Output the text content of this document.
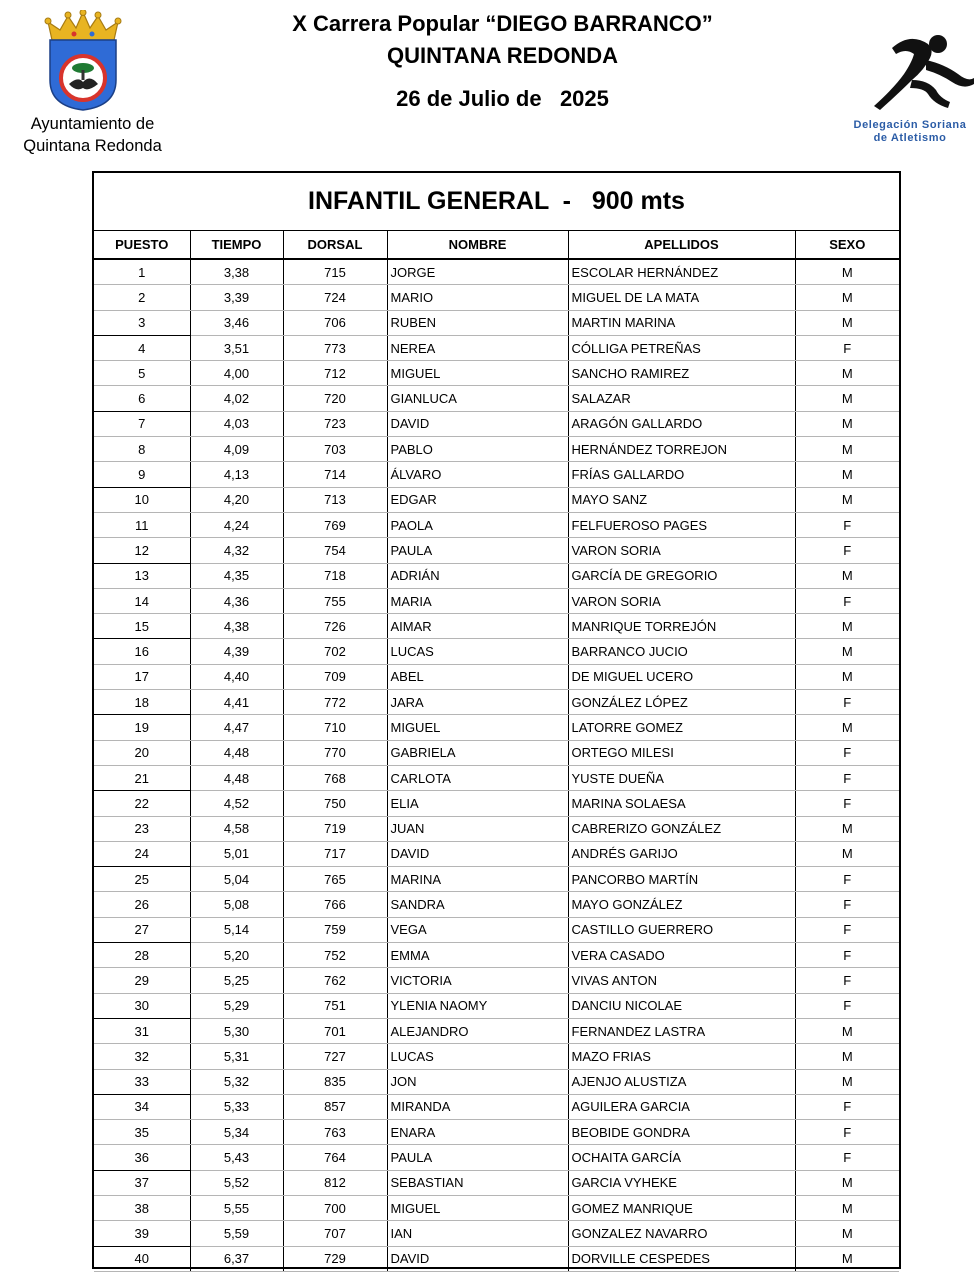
Ayuntamiento de
Quintana Redonda
X Carrera Popular “DIEGO BARRANCO”
QUINTANA REDONDA
26 de Julio de   2025
Delegación Soriana
de Atletismo
INFANTIL GENERAL  -   900 mts
PUESTO	TIEMPO	DORSAL	NOMBRE	APELLIDOS	SEXO
1	3,38	715	JORGE	ESCOLAR HERNÁNDEZ	M
2	3,39	724	MARIO	MIGUEL DE LA MATA	M
3	3,46	706	RUBEN	MARTIN MARINA	M
4	3,51	773	NEREA	CÓLLIGA PETREÑAS	F
5	4,00	712	MIGUEL	SANCHO RAMIREZ	M
6	4,02	720	GIANLUCA	SALAZAR	M
7	4,03	723	DAVID	ARAGÓN GALLARDO	M
8	4,09	703	PABLO	HERNÁNDEZ TORREJON	M
9	4,13	714	ÁLVARO	FRÍAS GALLARDO	M
10	4,20	713	EDGAR	MAYO SANZ	M
11	4,24	769	PAOLA	FELFUEROSO PAGES	F
12	4,32	754	PAULA	VARON SORIA	F
13	4,35	718	ADRIÁN	GARCÍA DE GREGORIO	M
14	4,36	755	MARIA	VARON SORIA	F
15	4,38	726	AIMAR	MANRIQUE TORREJÓN	M
16	4,39	702	LUCAS	BARRANCO JUCIO	M
17	4,40	709	ABEL	DE MIGUEL UCERO	M
18	4,41	772	JARA	GONZÁLEZ LÓPEZ	F
19	4,47	710	MIGUEL	LATORRE GOMEZ	M
20	4,48	770	GABRIELA	ORTEGO MILESI	F
21	4,48	768	CARLOTA	YUSTE DUEÑA	F
22	4,52	750	ELIA	MARINA SOLAESA	F
23	4,58	719	JUAN	CABRERIZO GONZÁLEZ	M
24	5,01	717	DAVID	ANDRÉS GARIJO	M
25	5,04	765	MARINA	PANCORBO MARTÍN	F
26	5,08	766	SANDRA	MAYO GONZÁLEZ	F
27	5,14	759	VEGA	CASTILLO GUERRERO	F
28	5,20	752	EMMA	VERA CASADO	F
29	5,25	762	VICTORIA	VIVAS ANTON	F
30	5,29	751	YLENIA NAOMY	DANCIU NICOLAE	F
31	5,30	701	ALEJANDRO	FERNANDEZ LASTRA	M
32	5,31	727	LUCAS	MAZO FRIAS	M
33	5,32	835	JON	AJENJO ALUSTIZA	M
34	5,33	857	MIRANDA	AGUILERA GARCIA	F
35	5,34	763	ENARA	BEOBIDE GONDRA	F
36	5,43	764	PAULA	OCHAITA GARCÍA	F
37	5,52	812	SEBASTIAN	GARCIA VYHEKE	M
38	5,55	700	MIGUEL	GOMEZ MANRIQUE	M
39	5,59	707	IAN	GONZALEZ NAVARRO	M
40	6,37	729	DAVID	DORVILLE CESPEDES	M
